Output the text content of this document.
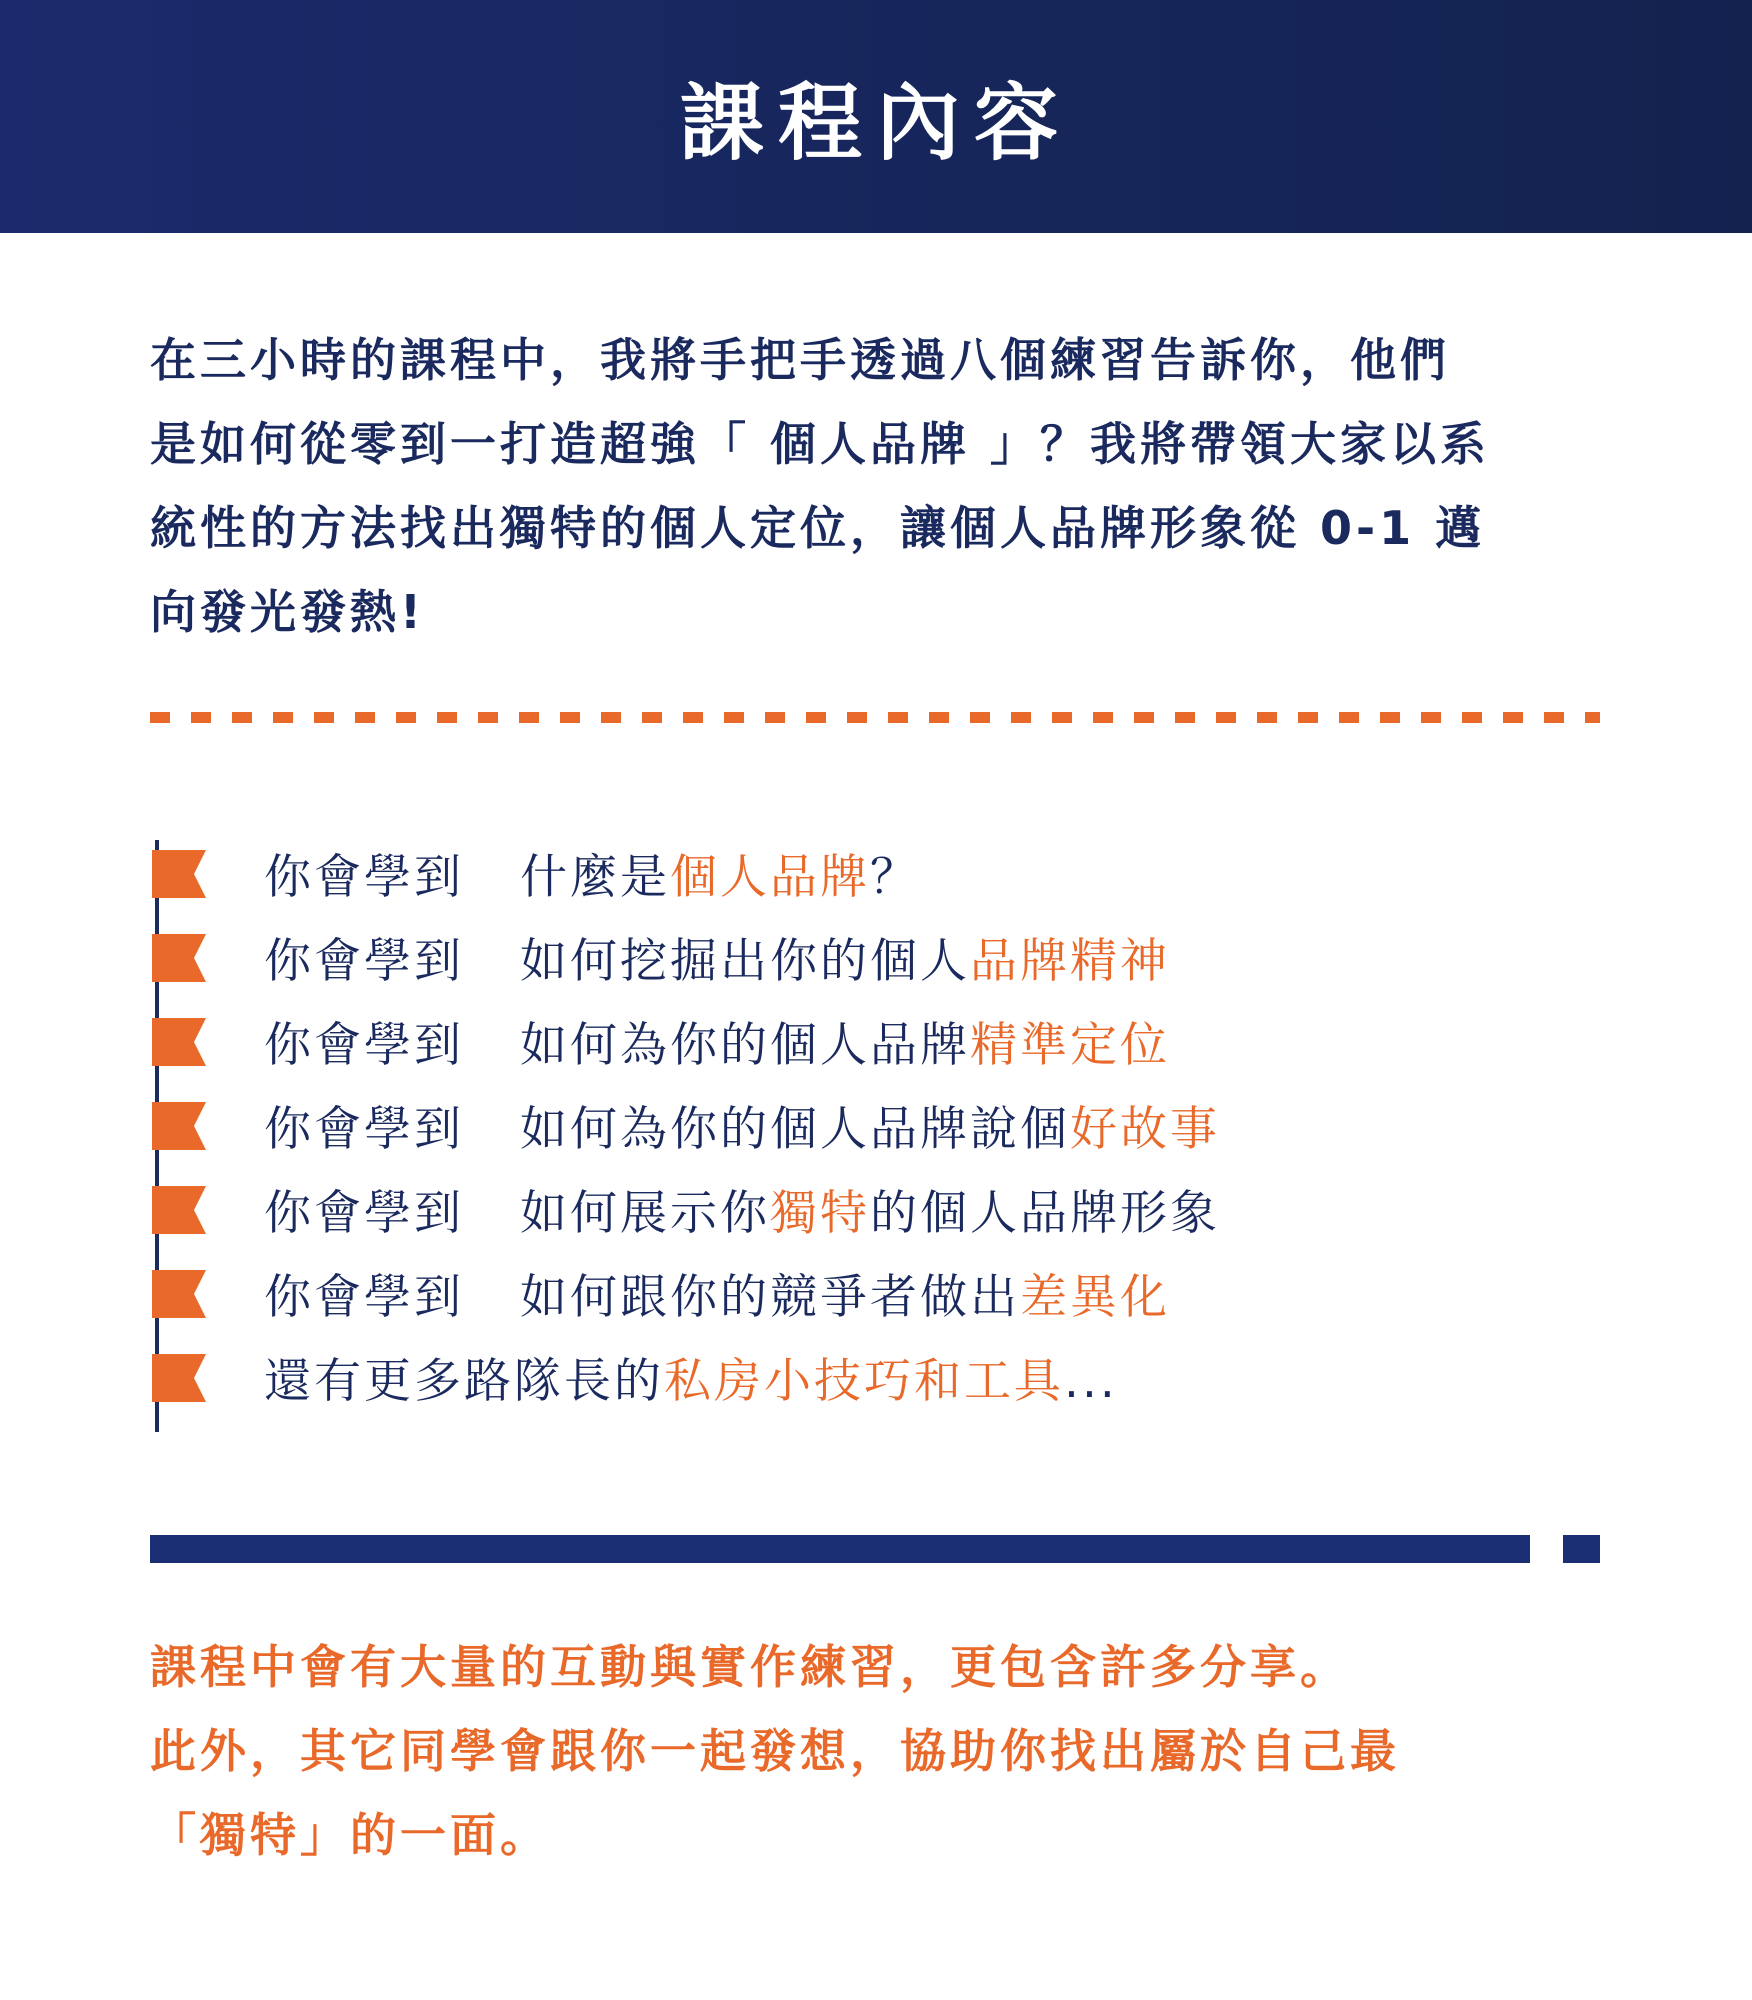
課程內容
在三小時的課程中，我將手把手透過八個練習告訴你，他們
是如何從零到一打造超強「 個人品牌 」？我將帶領大家以系
統性的方法找出獨特的個人定位，讓個人品牌形象從 0-1 邁
向發光發熱!
你會學到 什麼是個人品牌？
你會學到 如何挖掘出你的個人品牌精神
你會學到 如何為你的個人品牌精準定位
你會學到 如何為你的個人品牌說個好故事
你會學到 如何展示你獨特的個人品牌形象
你會學到 如何跟你的競爭者做出差異化
還有更多路隊長的私房小技巧和工具...
課程中會有大量的互動與實作練習，更包含許多分享。
此外，其它同學會跟你一起發想，協助你找出屬於自己最
「獨特」的一面。
